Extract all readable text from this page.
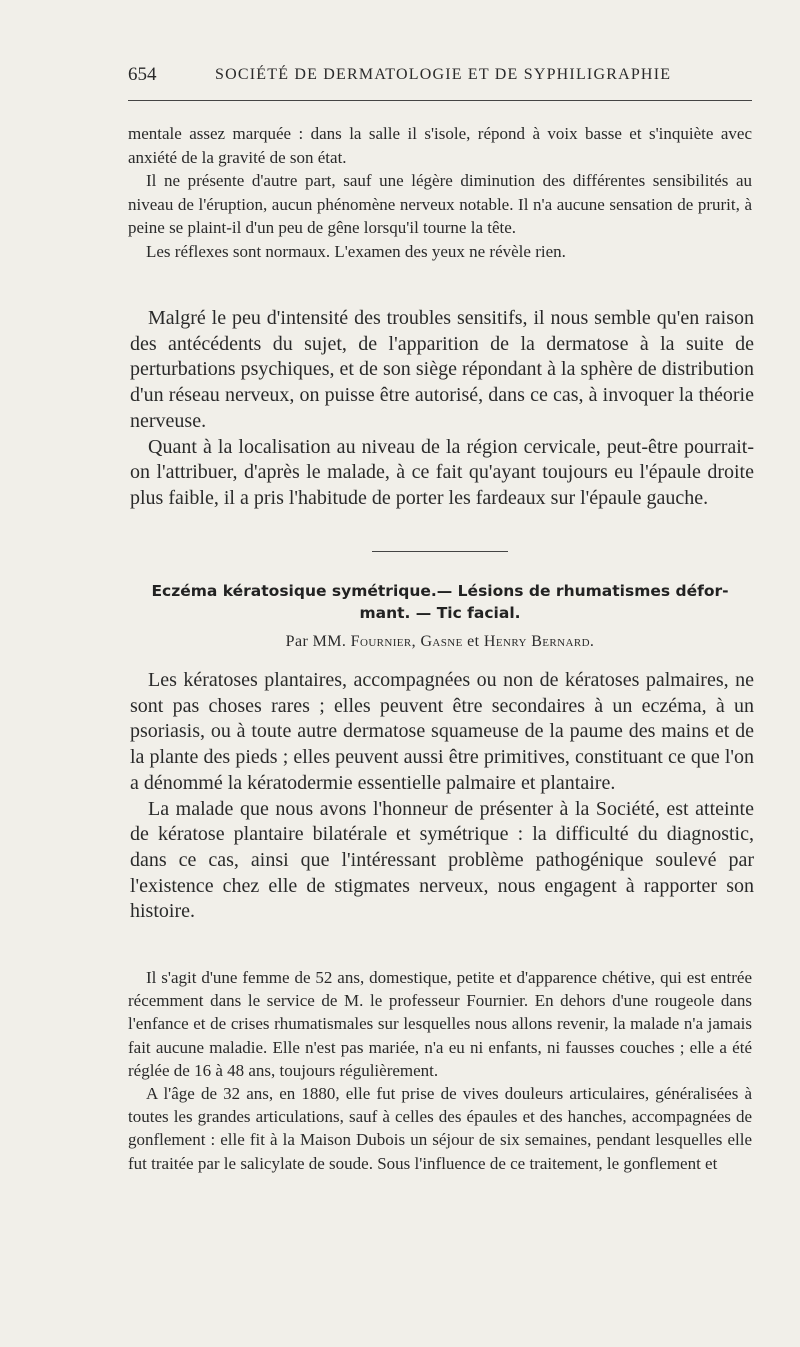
654	SOCIÉTÉ DE DERMATOLOGIE ET DE SYPHILIGRAPHIE

mentale assez marquée : dans la salle il s'isole, répond à voix basse et s'inquiète avec anxiété de la gravité de son état.

Il ne présente d'autre part, sauf une légère diminution des différentes sensibilités au niveau de l'éruption, aucun phénomène nerveux notable. Il n'a aucune sensation de prurit, à peine se plaint-il d'un peu de gêne lorsqu'il tourne la tête.

Les réflexes sont normaux. L'examen des yeux ne révèle rien.

Malgré le peu d'intensité des troubles sensitifs, il nous semble qu'en raison des antécédents du sujet, de l'apparition de la dermatose à la suite de perturbations psychiques, et de son siège répondant à la sphère de distribution d'un réseau nerveux, on puisse être autorisé, dans ce cas, à invoquer la théorie nerveuse.

Quant à la localisation au niveau de la région cervicale, peut-être pourrait-on l'attribuer, d'après le malade, à ce fait qu'ayant toujours eu l'épaule droite plus faible, il a pris l'habitude de porter les fardeaux sur l'épaule gauche.

Eczéma kératosique symétrique.— Lésions de rhumatismes défor-
mant. — Tic facial.
Par MM. Fournier, Gasne et Henry Bernard.

Les kératoses plantaires, accompagnées ou non de kératoses palmaires, ne sont pas choses rares ; elles peuvent être secondaires à un eczéma, à un psoriasis, ou à toute autre dermatose squameuse de la paume des mains et de la plante des pieds ; elles peuvent aussi être primitives, constituant ce que l'on a dénommé la kératodermie essentielle palmaire et plantaire.

La malade que nous avons l'honneur de présenter à la Société, est atteinte de kératose plantaire bilatérale et symétrique : la difficulté du diagnostic, dans ce cas, ainsi que l'intéressant problème pathogénique soulevé par l'existence chez elle de stigmates nerveux, nous engagent à rapporter son histoire.

Il s'agit d'une femme de 52 ans, domestique, petite et d'apparence chétive, qui est entrée récemment dans le service de M. le professeur Fournier. En dehors d'une rougeole dans l'enfance et de crises rhumatismales sur lesquelles nous allons revenir, la malade n'a jamais fait aucune maladie. Elle n'est pas mariée, n'a eu ni enfants, ni fausses couches ; elle a été réglée de 16 à 48 ans, toujours régulièrement.

A l'âge de 32 ans, en 1880, elle fut prise de vives douleurs articulaires, généralisées à toutes les grandes articulations, sauf à celles des épaules et des hanches, accompagnées de gonflement : elle fit à la Maison Dubois un séjour de six semaines, pendant lesquelles elle fut traitée par le salicylate de soude. Sous l'influence de ce traitement, le gonflement et
